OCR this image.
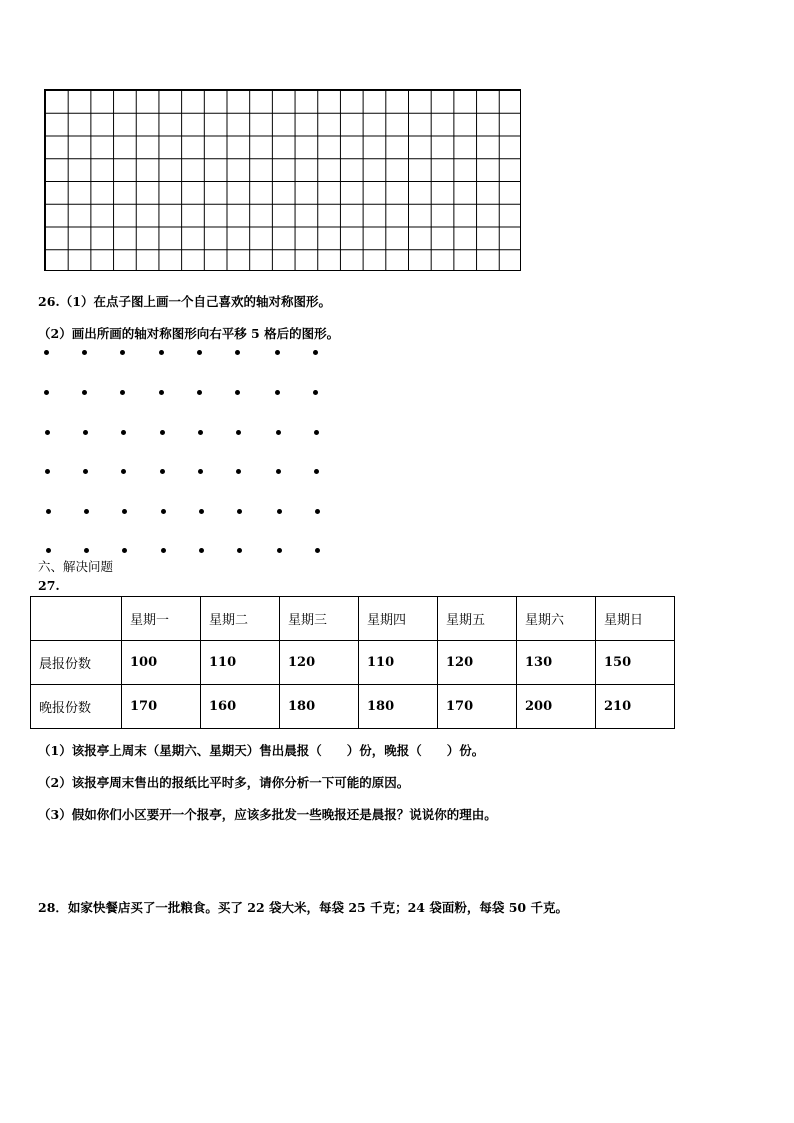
26.（1）在点子图上画一个自己喜欢的轴对称图形。
（2）画出所画的轴对称图形向右平移 5 格后的图形。
六、解决问题
27.
	星期一	星期二	星期三	星期四	星期五	星期六	星期日
晨报份数	100	110	120	110	120	130	150
晚报份数	170	160	180	180	170	200	210
（1）该报亭上周末（星期六、星期天）售出晨报（　　）份，晚报（　　）份。
（2）该报亭周末售出的报纸比平时多，请你分析一下可能的原因。
（3）假如你们小区要开一个报亭，应该多批发一些晚报还是晨报？说说你的理由。
28．如家快餐店买了一批粮食。买了 22 袋大米，每袋 25 千克；24 袋面粉，每袋 50 千克。
